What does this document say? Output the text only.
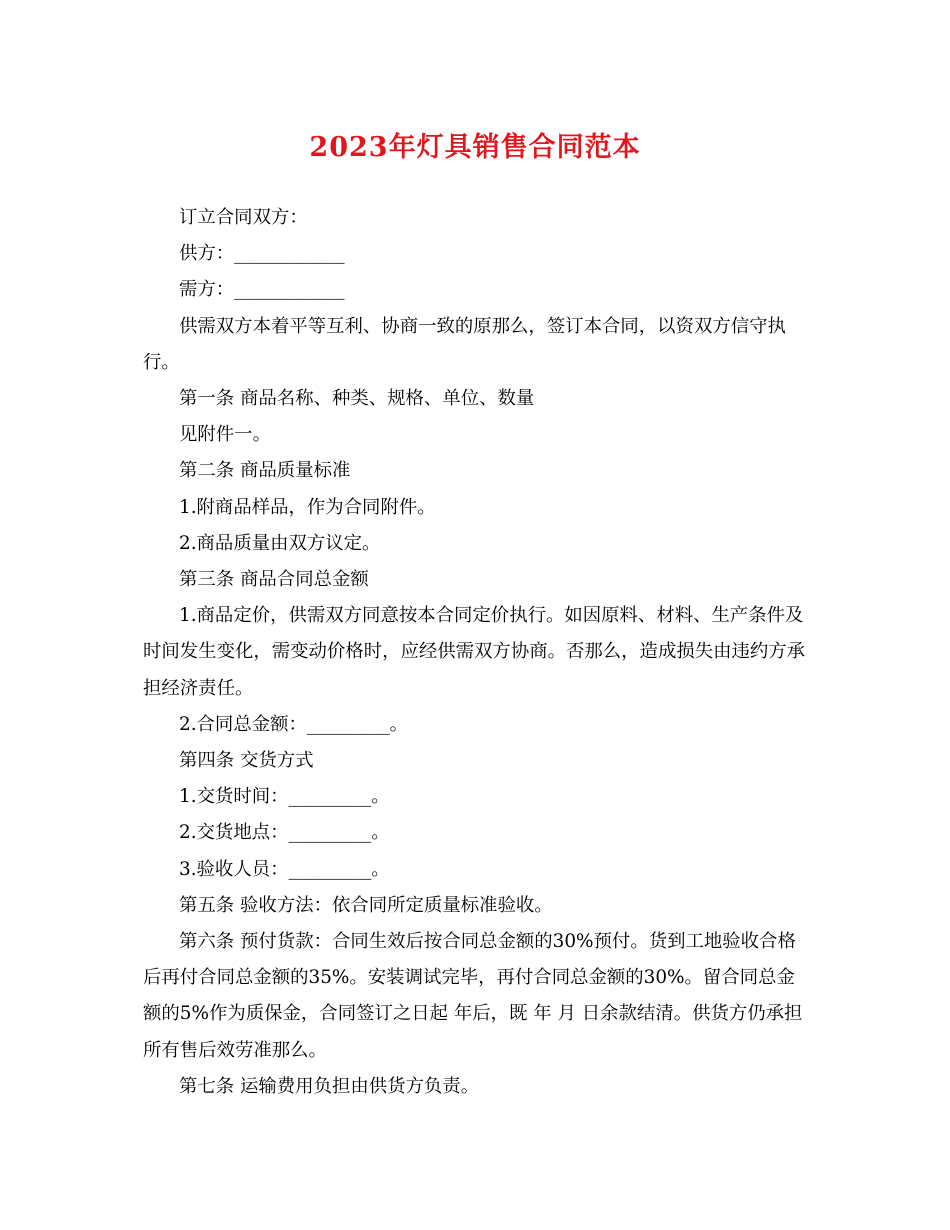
2023年灯具销售合同范本

订立合同双方：

供方：____________

需方：____________

供需双方本着平等互利、协商一致的原那么，签订本合同，以资双方信守执行。

第一条 商品名称、种类、规格、单位、数量

见附件一。

第二条 商品质量标准

1.附商品样品，作为合同附件。

2.商品质量由双方议定。

第三条 商品合同总金额

1.商品定价，供需双方同意按本合同定价执行。如因原料、材料、生产条件及时间发生变化，需变动价格时，应经供需双方协商。否那么，造成损失由违约方承担经济责任。

2.合同总金额：_________。

第四条 交货方式

1.交货时间：_________。

2.交货地点：_________。

3.验收人员：_________。

第五条 验收方法：依合同所定质量标准验收。

第六条 预付货款：合同生效后按合同总金额的30%预付。货到工地验收合格后再付合同总金额的35%。安装调试完毕，再付合同总金额的30%。留合同总金额的5%作为质保金，合同签订之日起 年后，既 年 月 日余款结清。供货方仍承担所有售后效劳准那么。

第七条 运输费用负担由供货方负责。
